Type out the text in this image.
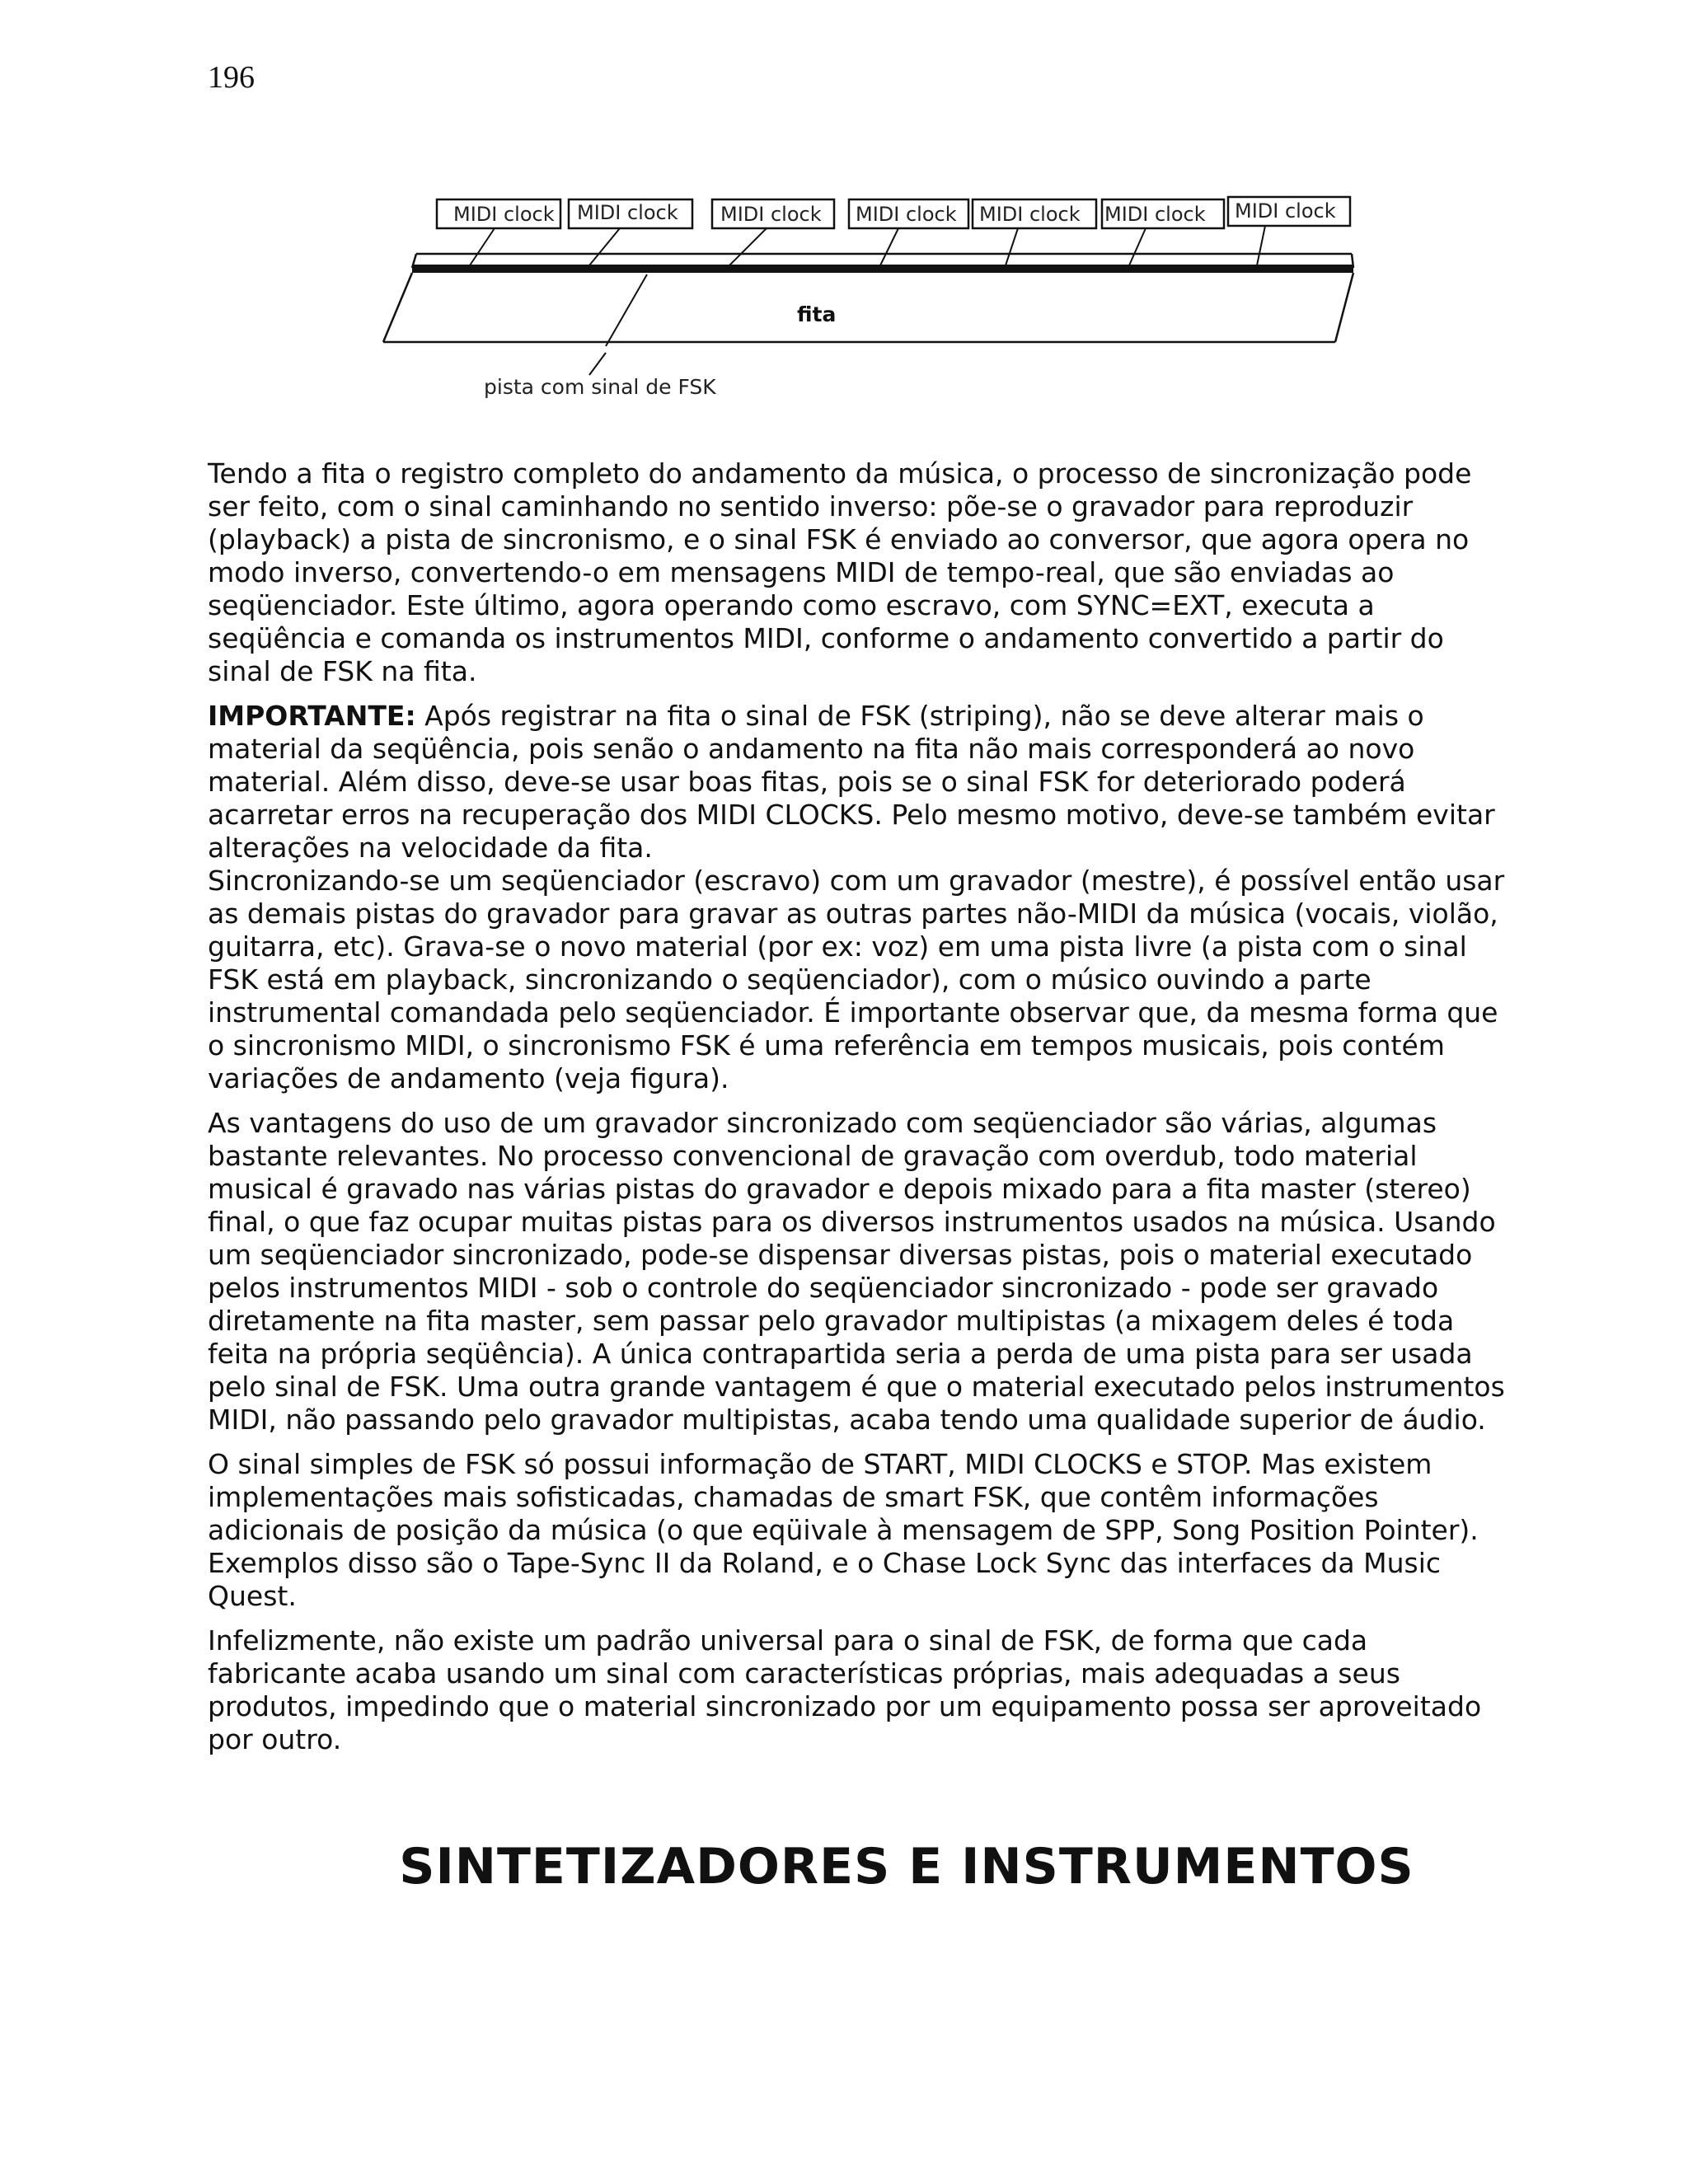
196
MIDI clock MIDI clock MIDI clock MIDI clock MIDI clock MIDI clock MIDI clock
fita
pista com sinal de FSK

Tendo a fita o registro completo do andamento da música, o processo de sincronização pode
ser feito, com o sinal caminhando no sentido inverso: põe-se o gravador para reproduzir
(playback) a pista de sincronismo, e o sinal FSK é enviado ao conversor, que agora opera no
modo inverso, convertendo-o em mensagens MIDI de tempo-real, que são enviadas ao
seqüenciador. Este último, agora operando como escravo, com SYNC=EXT, executa a
seqüência e comanda os instrumentos MIDI, conforme o andamento convertido a partir do
sinal de FSK na fita.

IMPORTANTE: Após registrar na fita o sinal de FSK (striping), não se deve alterar mais o
material da seqüência, pois senão o andamento na fita não mais corresponderá ao novo
material. Além disso, deve-se usar boas fitas, pois se o sinal FSK for deteriorado poderá
acarretar erros na recuperação dos MIDI CLOCKS. Pelo mesmo motivo, deve-se também evitar
alterações na velocidade da fita.

Sincronizando-se um seqüenciador (escravo) com um gravador (mestre), é possível então usar
as demais pistas do gravador para gravar as outras partes não-MIDI da música (vocais, violão,
guitarra, etc). Grava-se o novo material (por ex: voz) em uma pista livre (a pista com o sinal
FSK está em playback, sincronizando o seqüenciador), com o músico ouvindo a parte
instrumental comandada pelo seqüenciador. É importante observar que, da mesma forma que
o sincronismo MIDI, o sincronismo FSK é uma referência em tempos musicais, pois contém
variações de andamento (veja figura).

As vantagens do uso de um gravador sincronizado com seqüenciador são várias, algumas
bastante relevantes. No processo convencional de gravação com overdub, todo material
musical é gravado nas várias pistas do gravador e depois mixado para a fita master (stereo)
final, o que faz ocupar muitas pistas para os diversos instrumentos usados na música. Usando
um seqüenciador sincronizado, pode-se dispensar diversas pistas, pois o material executado
pelos instrumentos MIDI - sob o controle do seqüenciador sincronizado - pode ser gravado
diretamente na fita master, sem passar pelo gravador multipistas (a mixagem deles é toda
feita na própria seqüência). A única contrapartida seria a perda de uma pista para ser usada
pelo sinal de FSK. Uma outra grande vantagem é que o material executado pelos instrumentos
MIDI, não passando pelo gravador multipistas, acaba tendo uma qualidade superior de áudio.

O sinal simples de FSK só possui informação de START, MIDI CLOCKS e STOP. Mas existem
implementações mais sofisticadas, chamadas de smart FSK, que contêm informações
adicionais de posição da música (o que eqüivale à mensagem de SPP, Song Position Pointer).
Exemplos disso são o Tape-Sync II da Roland, e o Chase Lock Sync das interfaces da Music
Quest.

Infelizmente, não existe um padrão universal para o sinal de FSK, de forma que cada
fabricante acaba usando um sinal com características próprias, mais adequadas a seus
produtos, impedindo que o material sincronizado por um equipamento possa ser aproveitado
por outro.

SINTETIZADORES E INSTRUMENTOS
